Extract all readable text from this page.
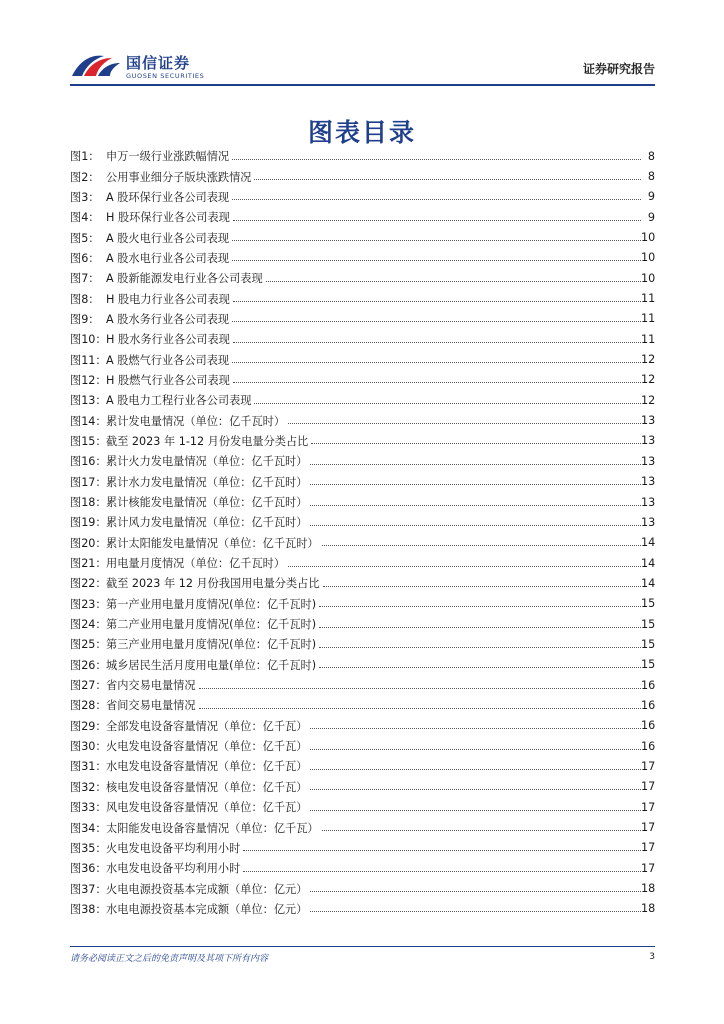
国信证券
GUOSEN SECURITIES	证券研究报告
图表目录
图1： 申万一级行业涨跌幅情况	8
图2： 公用事业细分子版块涨跌情况	8
图3： A 股环保行业各公司表现	9
图4： H 股环保行业各公司表现	9
图5： A 股火电行业各公司表现	10
图6： A 股水电行业各公司表现	10
图7： A 股新能源发电行业各公司表现	10
图8： H 股电力行业各公司表现	11
图9： A 股水务行业各公司表现	11
图10： H 股水务行业各公司表现	11
图11： A 股燃气行业各公司表现	12
图12： H 股燃气行业各公司表现	12
图13： A 股电力工程行业各公司表现	12
图14： 累计发电量情况（单位：亿千瓦时）	13
图15： 截至 2023 年 1-12 月份发电量分类占比	13
图16： 累计火力发电量情况（单位：亿千瓦时）	13
图17： 累计水力发电量情况（单位：亿千瓦时）	13
图18： 累计核能发电量情况（单位：亿千瓦时）	13
图19： 累计风力发电量情况（单位：亿千瓦时）	13
图20： 累计太阳能发电量情况（单位：亿千瓦时）	14
图21： 用电量月度情况（单位：亿千瓦时）	14
图22： 截至 2023 年 12 月份我国用电量分类占比	14
图23： 第一产业用电量月度情况(单位：亿千瓦时)	15
图24： 第二产业用电量月度情况(单位：亿千瓦时)	15
图25： 第三产业用电量月度情况(单位：亿千瓦时)	15
图26： 城乡居民生活月度用电量(单位：亿千瓦时)	15
图27： 省内交易电量情况	16
图28： 省间交易电量情况	16
图29： 全部发电设备容量情况（单位：亿千瓦）	16
图30： 火电发电设备容量情况（单位：亿千瓦）	16
图31： 水电发电设备容量情况（单位：亿千瓦）	17
图32： 核电发电设备容量情况（单位：亿千瓦）	17
图33： 风电发电设备容量情况（单位：亿千瓦）	17
图34： 太阳能发电设备容量情况（单位：亿千瓦）	17
图35： 火电发电设备平均利用小时	17
图36： 水电发电设备平均利用小时	17
图37： 火电电源投资基本完成额（单位：亿元）	18
图38： 水电电源投资基本完成额（单位：亿元）	18
请务必阅读正文之后的免责声明及其项下所有内容	3
